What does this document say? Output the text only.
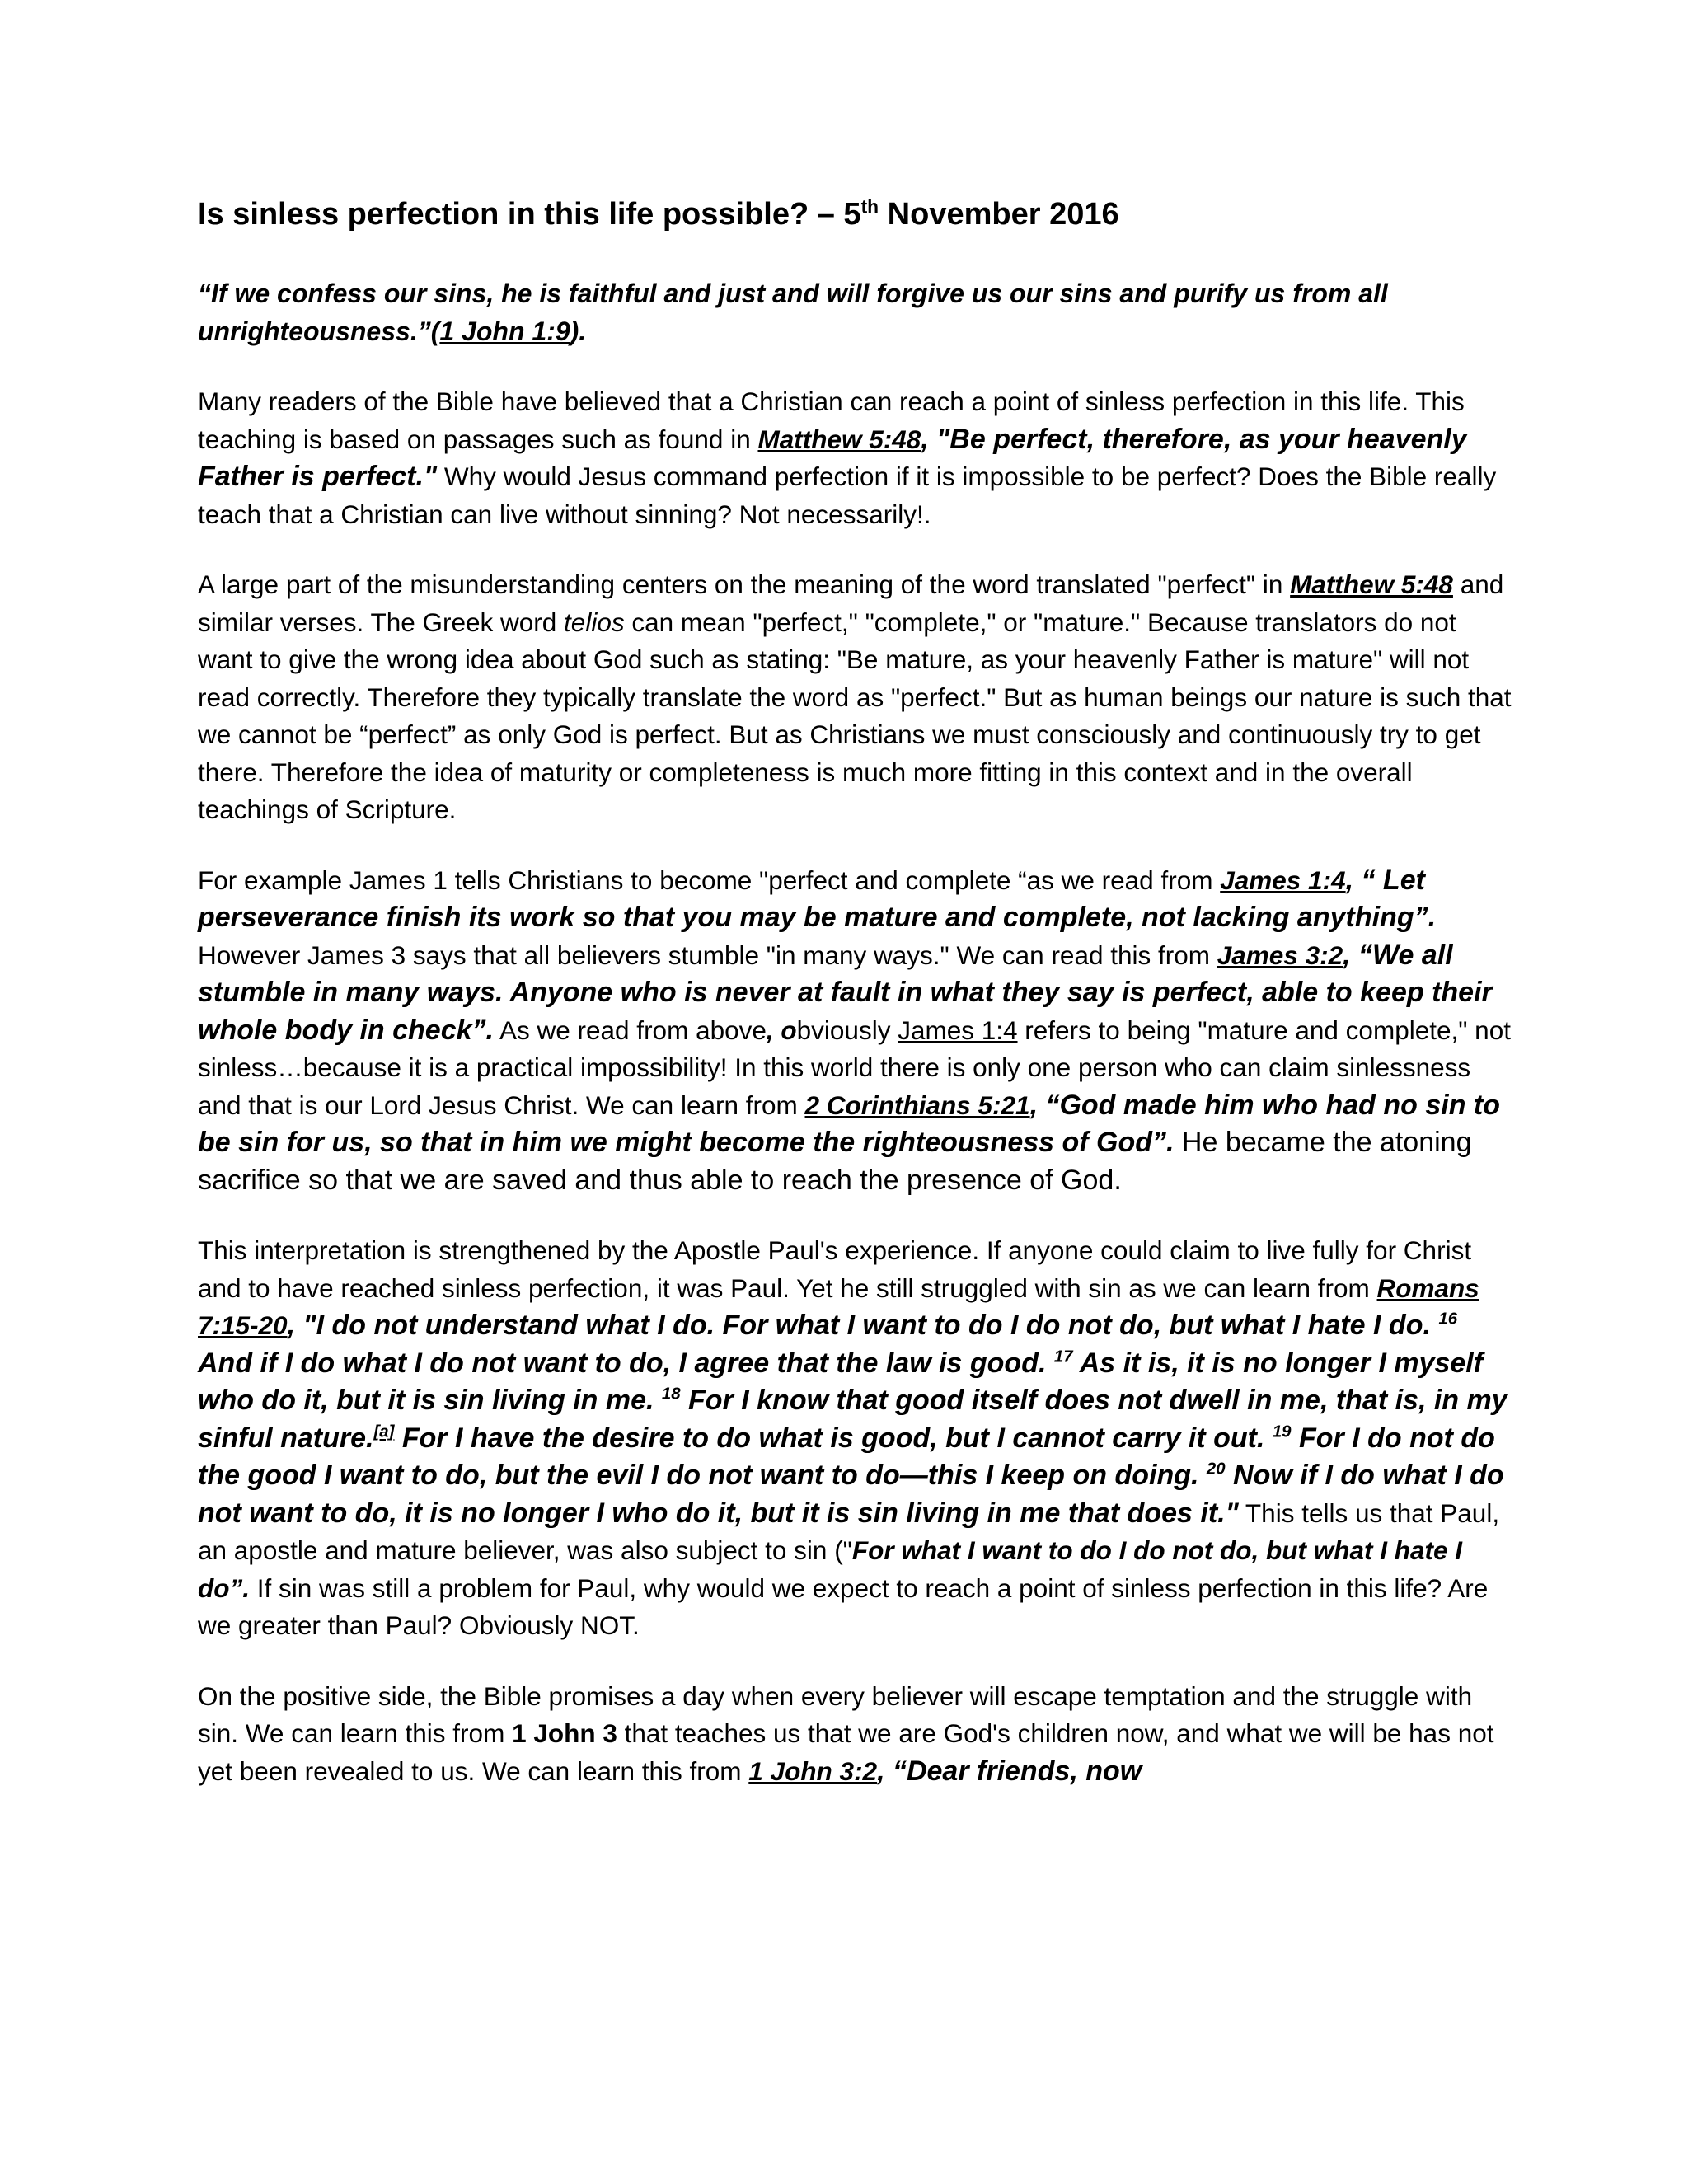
Is sinless perfection in this life possible? – 5th November 2016

“If we confess our sins, he is faithful and just and will forgive us our sins and purify us from all unrighteousness.”(1 John 1:9).

Many readers of the Bible have believed that a Christian can reach a point of sinless perfection in this life. This teaching is based on passages such as found in Matthew 5:48, "Be perfect, therefore, as your heavenly Father is perfect." Why would Jesus command perfection if it is impossible to be perfect? Does the Bible really teach that a Christian can live without sinning? Not necessarily!.

A large part of the misunderstanding centers on the meaning of the word translated "perfect" in Matthew 5:48 and similar verses. The Greek word telios can mean "perfect," "complete," or "mature." Because translators do not want to give the wrong idea about God such as stating: "Be mature, as your heavenly Father is mature" will not read correctly. Therefore they typically translate the word as "perfect." But as human beings our nature is such that we cannot be “perfect” as only God is perfect. But as Christians we must consciously and continuously try to get there. Therefore the idea of maturity or completeness is much more fitting in this context and in the overall teachings of Scripture.

For example James 1 tells Christians to become "perfect and complete “as we read from James 1:4, “ Let perseverance finish its work so that you may be mature and complete, not lacking anything”. However James 3 says that all believers stumble "in many ways." We can read this from James 3:2, “We all stumble in many ways. Anyone who is never at fault in what they say is perfect, able to keep their whole body in check”. As we read from above, obviously James 1:4 refers to being "mature and complete," not sinless…because it is a practical impossibility! In this world there is only one person who can claim sinlessness and that is our Lord Jesus Christ. We can learn from 2 Corinthians 5:21, “God made him who had no sin to be sin for us, so that in him we might become the righteousness of God”. He became the atoning sacrifice so that we are saved and thus able to reach the presence of God.

This interpretation is strengthened by the Apostle Paul's experience. If anyone could claim to live fully for Christ and to have reached sinless perfection, it was Paul. Yet he still struggled with sin as we can learn from Romans 7:15-20, "I do not understand what I do. For what I want to do I do not do, but what I hate I do. $^{16}$ And if I do what I do not want to do, I agree that the law is good. $^{17}$ As it is, it is no longer I myself who do it, but it is sin living in me. $^{18}$ For I know that good itself does not dwell in me, that is, in my sinful nature.[a] For I have the desire to do what is good, but I cannot carry it out. $^{19}$ For I do not do the good I want to do, but the evil I do not want to do—this I keep on doing. $^{20}$ Now if I do what I do not want to do, it is no longer I who do it, but it is sin living in me that does it." This tells us that Paul, an apostle and mature believer, was also subject to sin ("For what I want to do I do not do, but what I hate I do”. If sin was still a problem for Paul, why would we expect to reach a point of sinless perfection in this life? Are we greater than Paul? Obviously NOT.

On the positive side, the Bible promises a day when every believer will escape temptation and the struggle with sin. We can learn this from 1 John 3 that teaches us that we are God's children now, and what we will be has not yet been revealed to us. We can learn this from 1 John 3:2, “Dear friends, now
